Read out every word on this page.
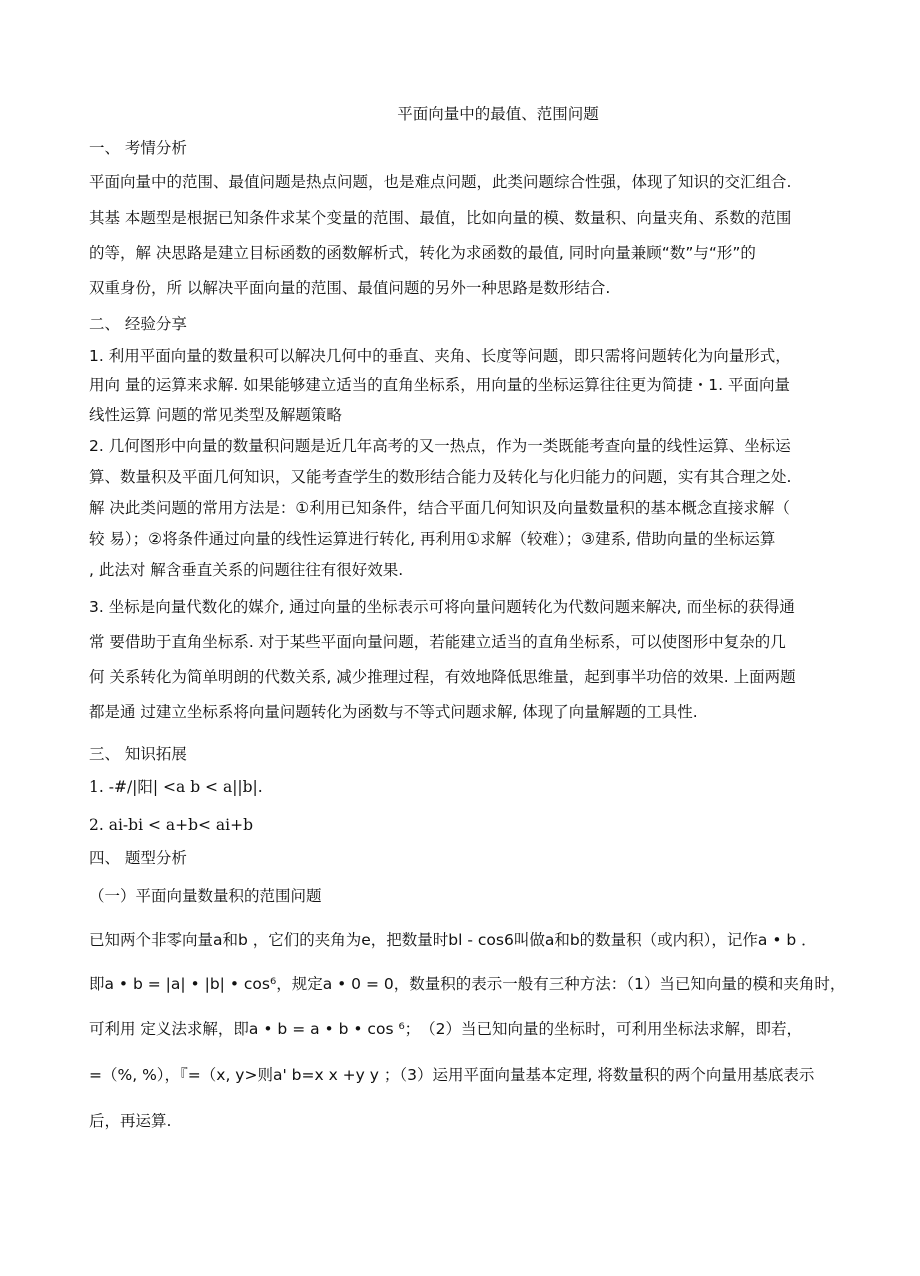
平面向量中的最值、范围问题
一、 考情分析
平面向量中的范围、最值问题是热点问题，也是难点问题，此类问题综合性强，体现了知识的交汇组合.
其基 本题型是根据已知条件求某个变量的范围、最值，比如向量的模、数量积、向量夹角、系数的范围
的等，解 决思路是建立目标函数的函数解析式，转化为求函数的最值, 同时向量兼顾“数”与“形”的
双重身份，所 以解决平面向量的范围、最值问题的另外一种思路是数形结合.
二、 经验分享
1. 利用平面向量的数量积可以解决几何中的垂直、夹角、长度等问题，即只需将问题转化为向量形式，
用向 量的运算来求解. 如果能够建立适当的直角坐标系，用向量的坐标运算往往更为简捷・1. 平面向量
线性运算 问题的常见类型及解题策略
2. 几何图形中向量的数量积问题是近几年高考的又一热点，作为一类既能考查向量的线性运算、坐标运
算、数量积及平面几何知识，又能考查学生的数形结合能力及转化与化归能力的问题，实有其合理之处.
解 决此类问题的常用方法是：①利用已知条件，结合平面几何知识及向量数量积的基本概念直接求解（
较 易）；②将条件通过向量的线性运算进行转化, 再利用①求解（较难）；③建系, 借助向量的坐标运算
, 此法对 解含垂直关系的问题往往有很好效果.
3. 坐标是向量代数化的媒介, 通过向量的坐标表示可将向量问题转化为代数问题来解决, 而坐标的获得通
常 要借助于直角坐标系. 对于某些平面向量问题，若能建立适当的直角坐标系，可以使图形中复杂的几
何 关系转化为简单明朗的代数关系, 减少推理过程，有效地降低思维量，起到事半功倍的效果. 上面两题
都是通 过建立坐标系将向量问题转化为函数与不等式问题求解, 体现了向量解题的工具性.
三、 知识拓展
1. -#/|阳| <a b < a||b|.
2. ai-bi < a+b< ai+b
四、 题型分析
（一）平面向量数量积的范围问题
已知两个非零向量a和b ，它们的夹角为e，把数量时bl - cos6叫做a和b的数量积（或内积），记作a • b ．
即a • b = |a| • |b| • cos⁶，规定a • 0 = 0，数量积的表示一般有三种方法：（1）当已知向量的模和夹角时，
可利用 定义法求解，即a • b = a • b • cos ⁶；　（2）当已知向量的坐标时，可利用坐标法求解，即若，
=（%, %），『=（x, y>则a' b=x x +y y ；（3）运用平面向量基本定理, 将数量积的两个向量用基底表示
后，再运算.
